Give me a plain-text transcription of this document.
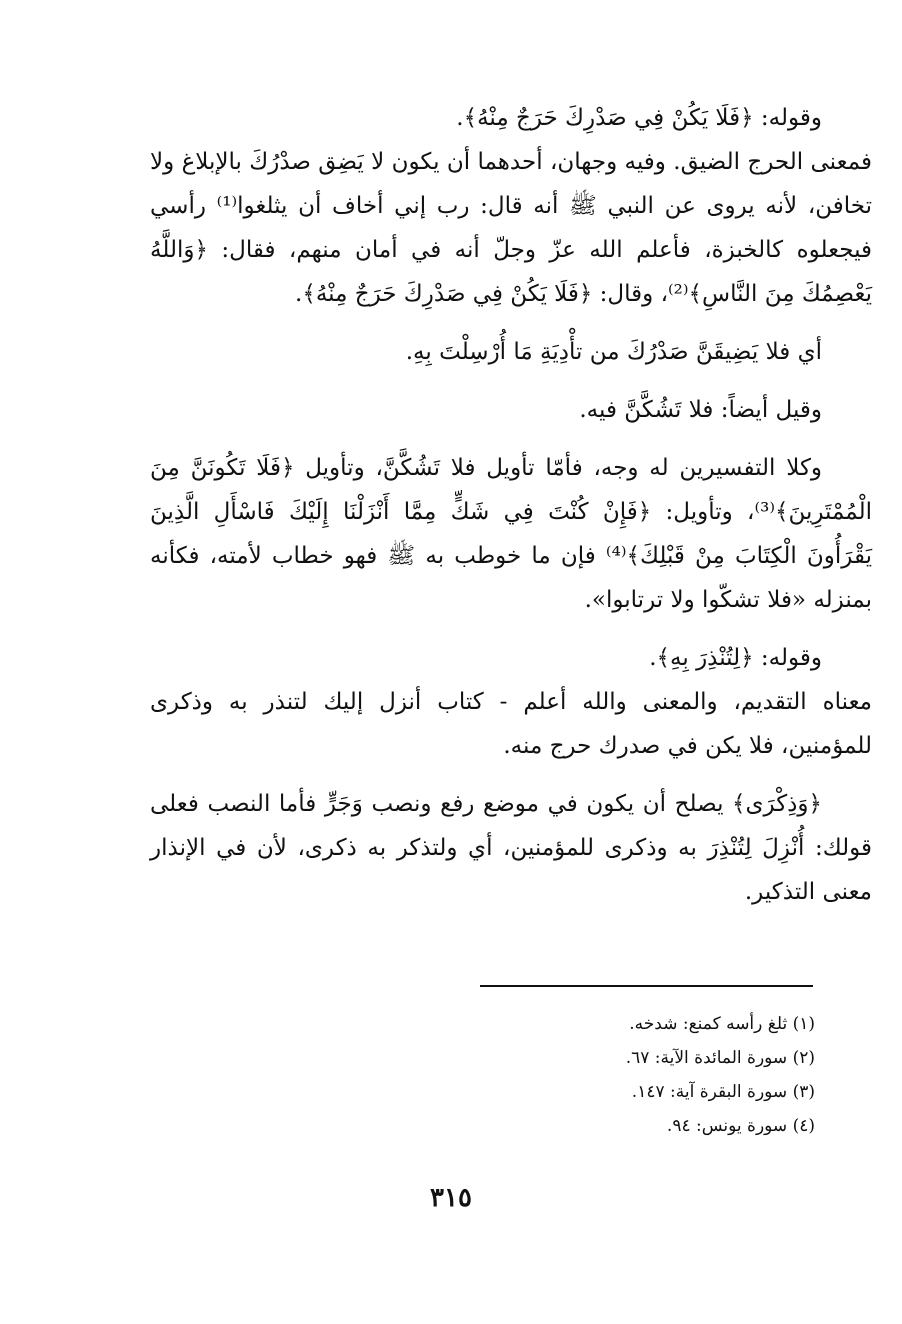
وقوله: ﴿فَلَا يَكُنْ فِي صَدْرِكَ حَرَجٌ مِنْهُ﴾.

فمعنى الحرج الضيق. وفيه وجهان، أحدهما أن يكون لا يَضِق صدْرُكَ بالإبلاغ ولا تخافن، لأنه يروى عن النبي ﷺ أنه قال: رب إني أخاف أن يثلغوا⁽¹⁾ رأسي فيجعلوه كالخبزة، فأعلم الله عزّ وجلّ أنه في أمان منهم، فقال: ﴿وَاللَّهُ يَعْصِمُكَ مِنَ النَّاسِ﴾⁽²⁾، وقال: ﴿فَلَا يَكُنْ فِي صَدْرِكَ حَرَجٌ مِنْهُ﴾.

أي فلا يَضِيقَنَّ صَدْرُكَ من تأْدِيَةِ مَا أُرْسِلْتَ بِهِ.

وقيل أيضاً: فلا تَشُكَّنَّ فيه.

وكلا التفسيرين له وجه، فأمّا تأويل فلا تَشُكَّنَّ، وتأويل ﴿فَلَا تَكُونَنَّ مِنَ الْمُمْتَرِينَ﴾⁽³⁾، وتأويل: ﴿فَإِنْ كُنْتَ فِي شَكٍّ مِمَّا أَنْزَلْنَا إِلَيْكَ فَاسْأَلِ الَّذِينَ يَقْرَأُونَ الْكِتَابَ مِنْ قَبْلِكَ﴾⁽⁴⁾ فإن ما خوطب به ﷺ فهو خطاب لأمته، فكأنه بمنزله «فلا تشكّوا ولا ترتابوا».

وقوله: ﴿لِتُنْذِرَ بِهِ﴾.

معناه التقديم، والمعنى والله أعلم - كتاب أنزل إليك لتنذر به وذكرى للمؤمنين، فلا يكن في صدرك حرج منه.

﴿وَذِكْرَى﴾ يصلح أن يكون في موضع رفع ونصب وَجَرٍّ فأما النصب فعلى قولك: أُنْزِلَ لِتُنْذِرَ به وذكرى للمؤمنين، أي ولتذكر به ذكرى، لأن في الإنذار معنى التذكير.

(١) ثلغ رأسه كمنع: شدخه.

(٢) سورة المائدة الآية: ٦٧.

(٣) سورة البقرة آية: ١٤٧.

(٤) سورة يونس: ٩٤.

٣١٥
